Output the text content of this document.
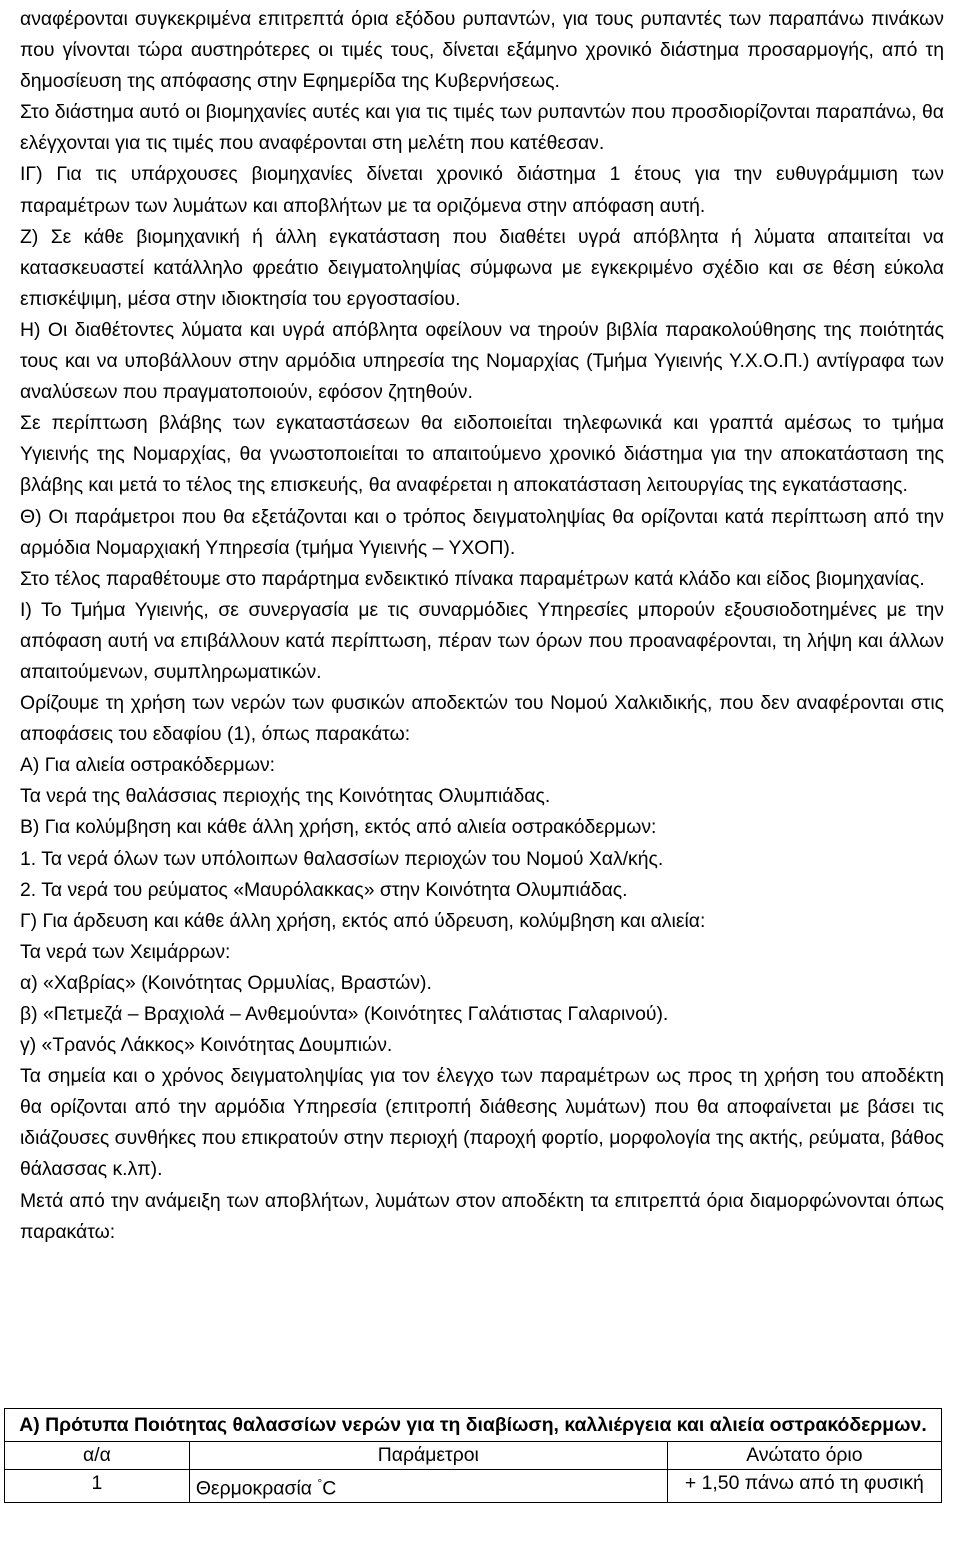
αναφέρονται συγκεκριμένα επιτρεπτά όρια εξόδου ρυπαντών, για τους ρυπαντές των παραπάνω πινάκων που γίνονται τώρα αυστηρότερες οι τιμές τους, δίνεται εξάμηνο χρονικό διάστημα προσαρμογής, από τη δημοσίευση της απόφασης στην Εφημερίδα της Κυβερνήσεως.

Στο διάστημα αυτό οι βιομηχανίες αυτές και για τις τιμές των ρυπαντών που προσδιορίζονται παραπάνω, θα ελέγχονται για τις τιμές που αναφέρονται στη μελέτη που κατέθεσαν.

ΙΓ) Για τις υπάρχουσες βιομηχανίες δίνεται χρονικό διάστημα 1 έτους για την ευθυγράμμιση των παραμέτρων των λυμάτων και αποβλήτων με τα οριζόμενα στην απόφαση αυτή.

Ζ) Σε κάθε βιομηχανική ή άλλη εγκατάσταση που διαθέτει υγρά απόβλητα ή λύματα απαιτείται να κατασκευαστεί κατάλληλο φρεάτιο δειγματοληψίας σύμφωνα με εγκεκριμένο σχέδιο και σε θέση εύκολα επισκέψιμη, μέσα στην ιδιοκτησία του εργοστασίου.

Η) Οι διαθέτοντες λύματα και υγρά απόβλητα οφείλουν να τηρούν βιβλία παρακολούθησης της ποιότητάς τους και να υποβάλλουν στην αρμόδια υπηρεσία της Νομαρχίας (Τμήμα Υγιεινής Υ.Χ.Ο.Π.) αντίγραφα των αναλύσεων που πραγματοποιούν, εφόσον ζητηθούν.

Σε περίπτωση βλάβης των εγκαταστάσεων θα ειδοποιείται τηλεφωνικά και γραπτά αμέσως το τμήμα Υγιεινής της Νομαρχίας, θα γνωστοποιείται το απαιτούμενο χρονικό διάστημα για την αποκατάσταση της βλάβης και μετά το τέλος της επισκευής, θα αναφέρεται η αποκατάσταση λειτουργίας της εγκατάστασης.

Θ) Οι παράμετροι που θα εξετάζονται και ο τρόπος δειγματοληψίας θα ορίζονται κατά περίπτωση από την αρμόδια Νομαρχιακή Υπηρεσία (τμήμα Υγιεινής – ΥΧΟΠ).

Στο τέλος παραθέτουμε στο παράρτημα ενδεικτικό πίνακα παραμέτρων κατά κλάδο και είδος βιομηχανίας.

Ι) Το Τμήμα Υγιεινής, σε συνεργασία με τις συναρμόδιες Υπηρεσίες μπορούν εξουσιοδοτημένες με την απόφαση αυτή να επιβάλλουν κατά περίπτωση, πέραν των όρων που προαναφέρονται, τη λήψη και άλλων απαιτούμενων, συμπληρωματικών.

Ορίζουμε τη χρήση των νερών των φυσικών αποδεκτών του Νομού Χαλκιδικής, που δεν αναφέρονται στις αποφάσεις του εδαφίου (1), όπως παρακάτω:

Α) Για αλιεία οστρακόδερμων:

Τα νερά της θαλάσσιας περιοχής της Κοινότητας Ολυμπιάδας.

Β) Για κολύμβηση και κάθε άλλη χρήση, εκτός από αλιεία οστρακόδερμων:

1. Τα νερά όλων των υπόλοιπων θαλασσίων περιοχών του Νομού Χαλ/κής.

2. Τα νερά του ρεύματος «Μαυρόλακκας» στην Κοινότητα Ολυμπιάδας.

Γ) Για άρδευση και κάθε άλλη χρήση, εκτός από ύδρευση, κολύμβηση και αλιεία:

Τα νερά των Χειμάρρων:

α) «Χαβρίας» (Κοινότητας Ορμυλίας, Βραστών).

β) «Πετμεζά – Βραχιολά – Ανθεμούντα» (Κοινότητες Γαλάτιστας Γαλαρινού).

γ) «Τρανός Λάκκος» Κοινότητας Δουμπιών.

Τα σημεία και ο χρόνος δειγματοληψίας για τον έλεγχο των παραμέτρων ως προς τη χρήση του αποδέκτη θα ορίζονται από την αρμόδια Υπηρεσία (επιτροπή διάθεσης λυμάτων) που θα αποφαίνεται με βάσει τις ιδιάζουσες συνθήκες που επικρατούν στην περιοχή (παροχή φορτίο, μορφολογία της ακτής, ρεύματα, βάθος θάλασσας κ.λπ).

Μετά από την ανάμειξη των αποβλήτων, λυμάτων στον αποδέκτη τα επιτρεπτά όρια διαμορφώνονται όπως παρακάτω:

Α) Πρότυπα Ποιότητας θαλασσίων νερών για τη διαβίωση, καλλιέργεια και αλιεία οστρακόδερμων.		
α/α	Παράμετροι	Ανώτατο όριο
1	Θερμοκρασία °C	+ 1,50 πάνω από τη φυσική
